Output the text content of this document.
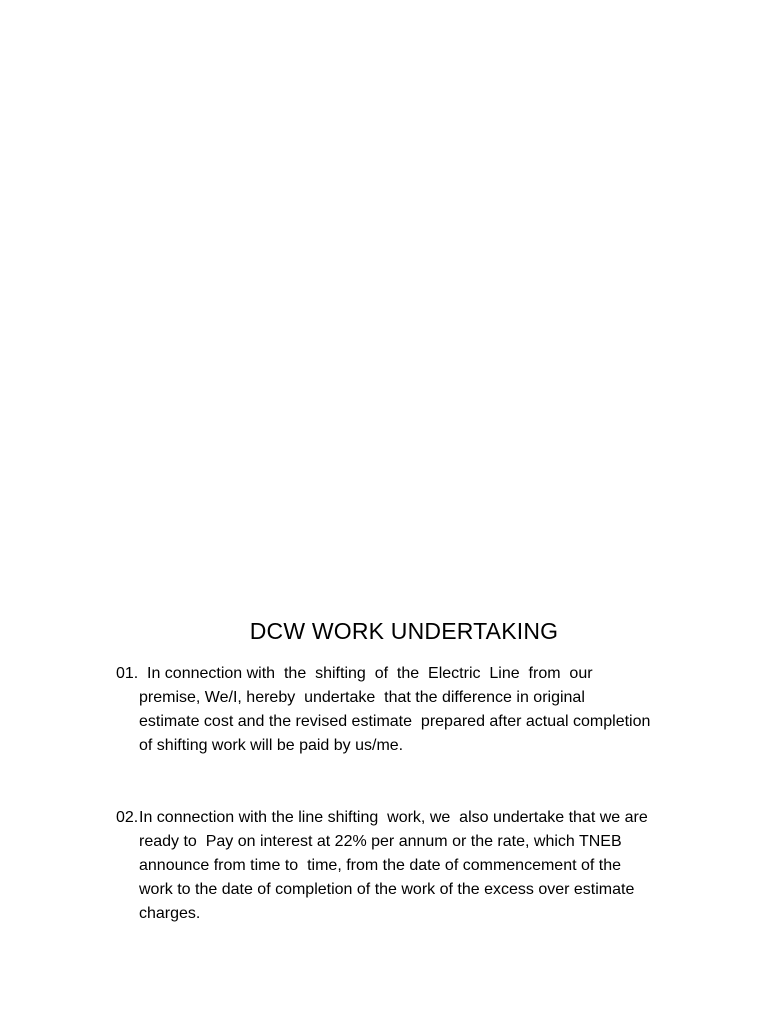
DCW WORK UNDERTAKING
01. In connection with  the  shifting  of  the  Electric  Line  from  our
premise, We/I, hereby  undertake  that the difference in original
estimate cost and the revised estimate  prepared after actual completion
of shifting work will be paid by us/me.
02. In connection with the line shifting  work, we  also undertake that we are
ready to  Pay on interest at 22% per annum or the rate, which TNEB
announce from time to  time, from the date of commencement of the
work to the date of completion of the work of the excess over estimate
charges.
